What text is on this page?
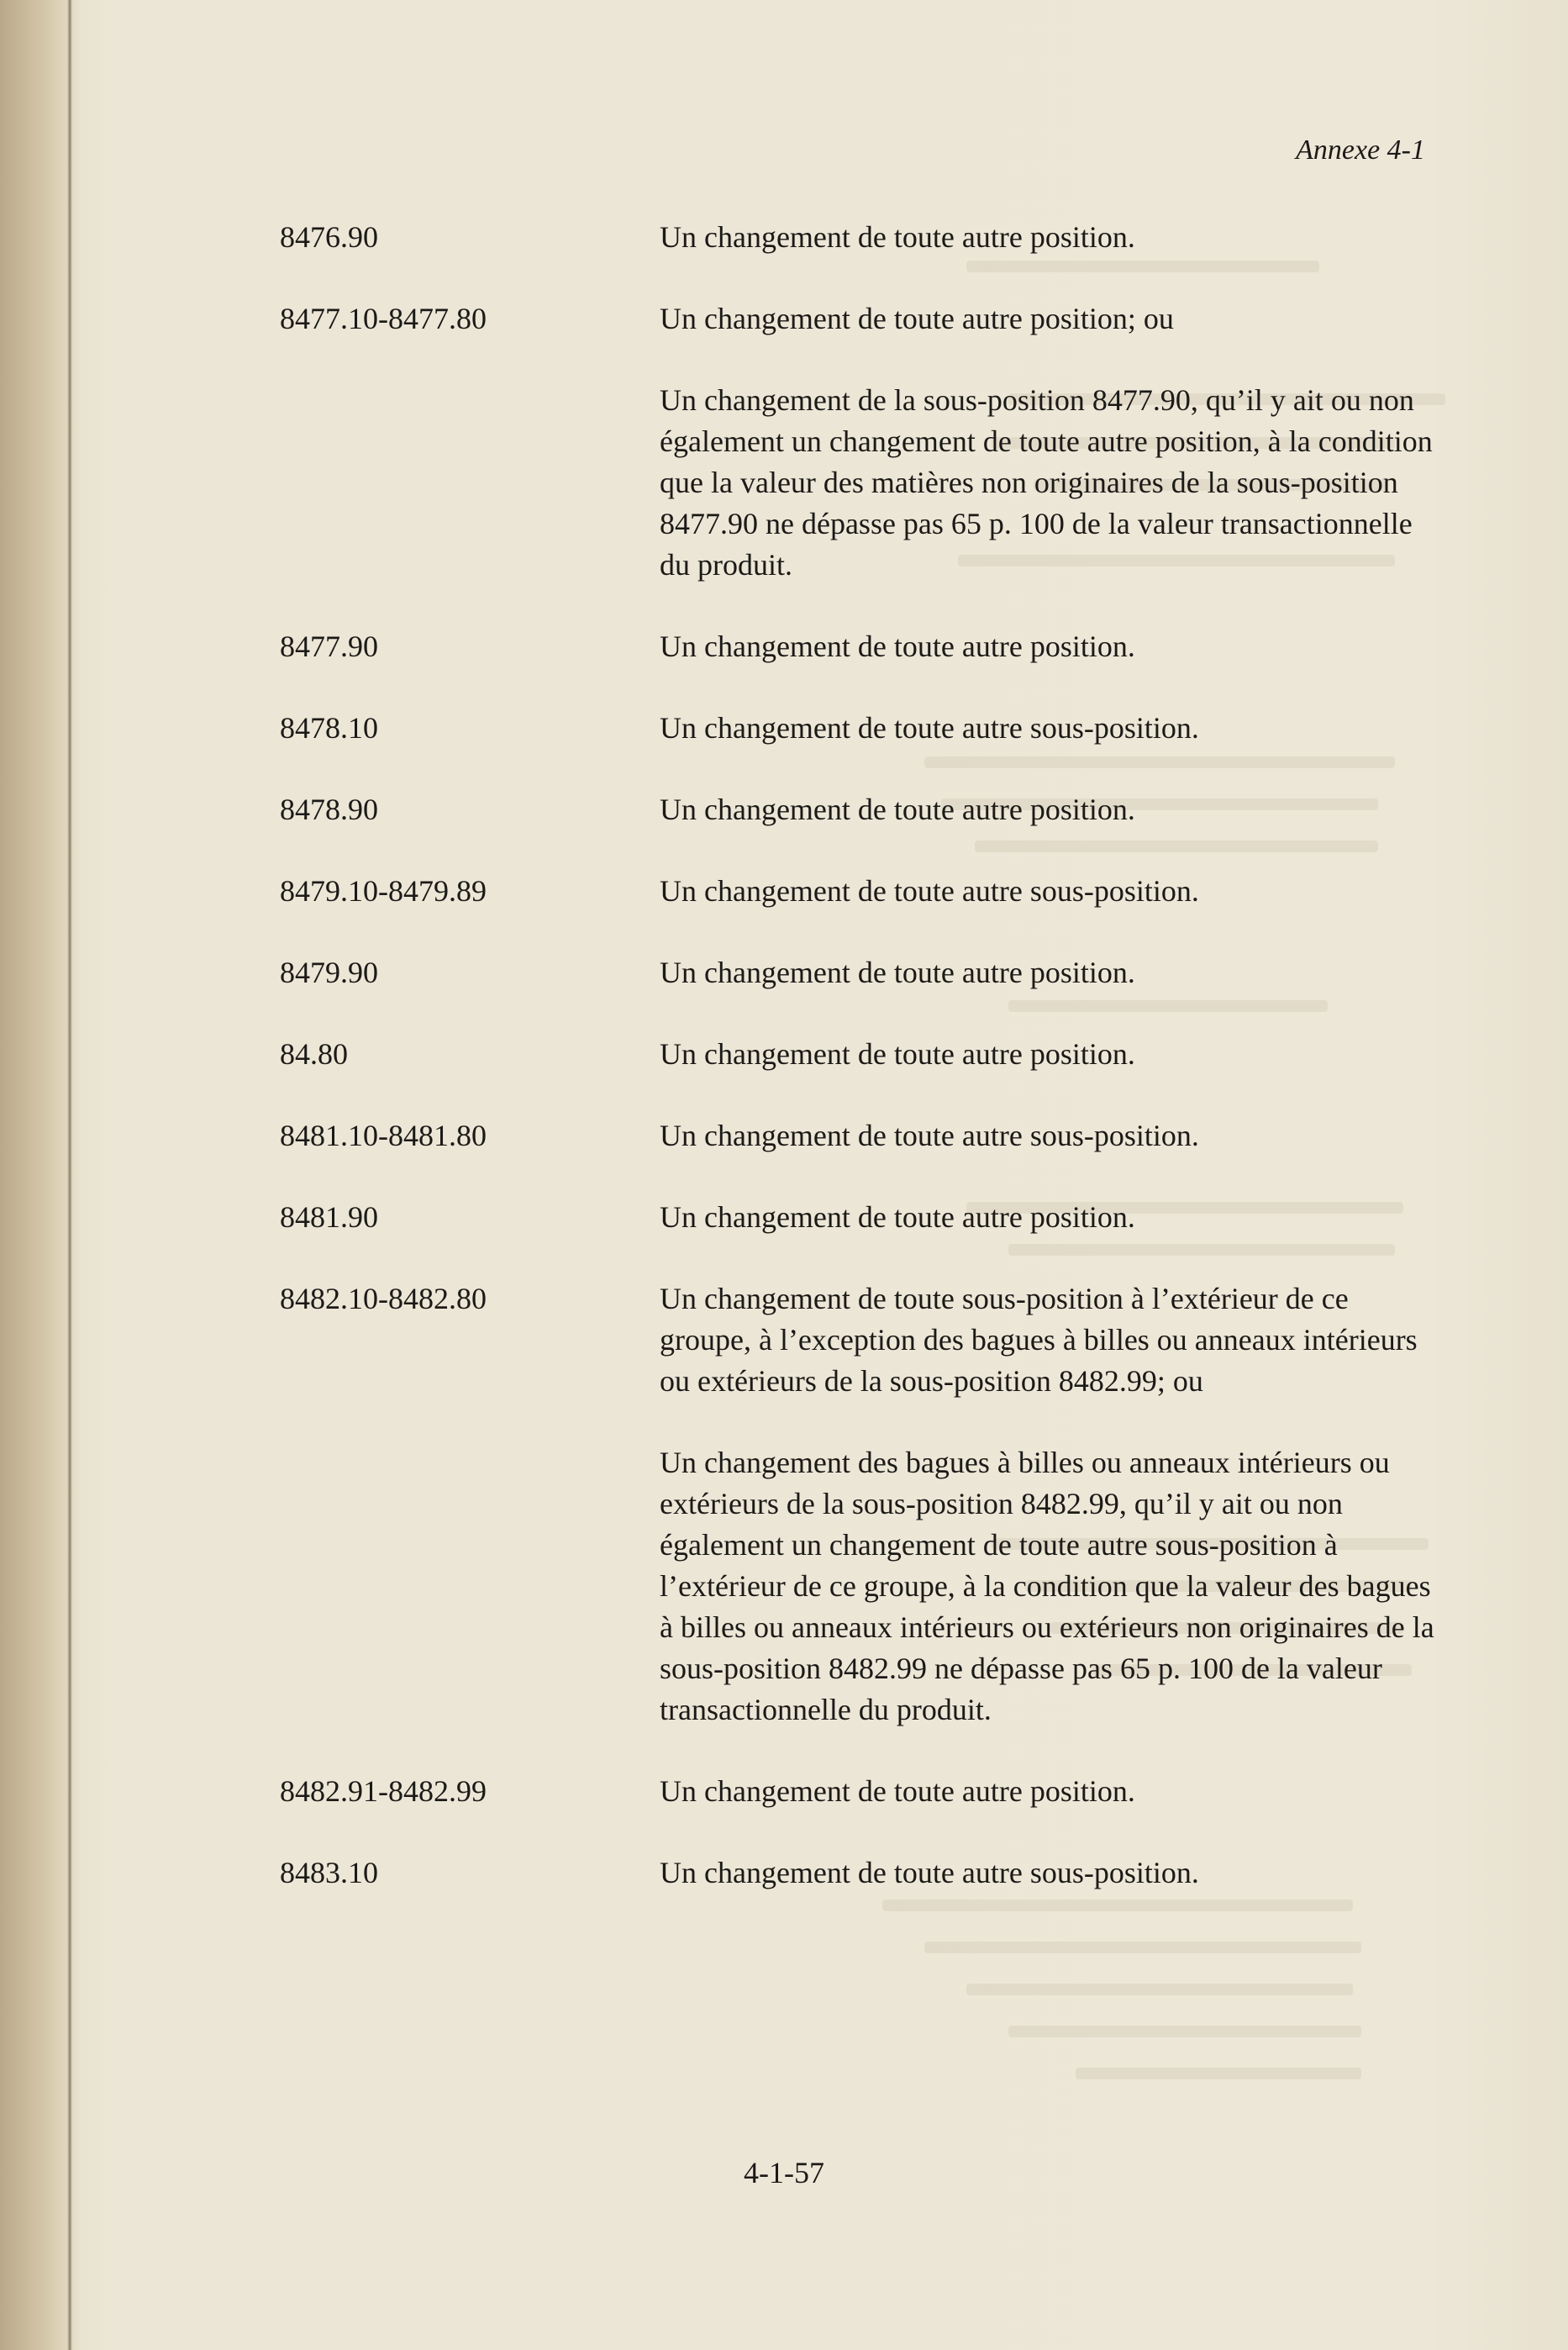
Annexe 4-1
8476.90	Un changement de toute autre position.

8477.10-8477.80	Un changement de toute autre position; ou

Un changement de la sous-position 8477.90, qu’il y ait ou non également un changement de toute autre position, à la condition que la valeur des matières non originaires de la sous-position 8477.90 ne dépasse pas 65 p. 100 de la valeur transactionnelle du produit.

8477.90	Un changement de toute autre position.

8478.10	Un changement de toute autre sous-position.

8478.90	Un changement de toute autre position.

8479.10-8479.89	Un changement de toute autre sous-position.

8479.90	Un changement de toute autre position.

84.80	Un changement de toute autre position.

8481.10-8481.80	Un changement de toute autre sous-position.

8481.90	Un changement de toute autre position.

8482.10-8482.80	Un changement de toute sous-position à l’extérieur de ce groupe, à l’exception des bagues à billes ou anneaux intérieurs ou extérieurs de la sous-position 8482.99; ou

Un changement des bagues à billes ou anneaux intérieurs ou extérieurs de la sous-position 8482.99, qu’il y ait ou non également un changement de toute autre sous-position à l’extérieur de ce groupe, à la condition que la valeur des bagues à billes ou anneaux intérieurs ou extérieurs non originaires de la sous-position 8482.99 ne dépasse pas 65 p. 100 de la valeur transactionnelle du produit.

8482.91-8482.99	Un changement de toute autre position.

8483.10	Un changement de toute autre sous-position.

4-1-57
